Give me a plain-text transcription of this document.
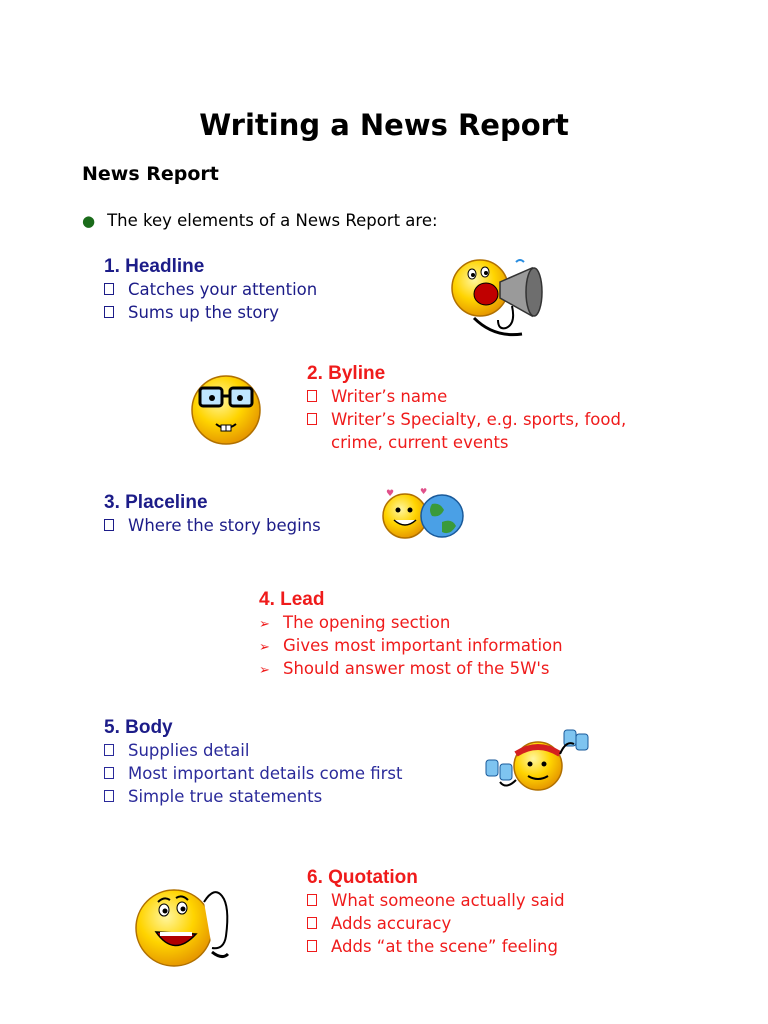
Writing a News Report
News Report
● The key elements of a News Report are:
1. Headline
Catches your attention
Sums up the story
2. Byline
Writer’s name
Writer’s Specialty, e.g. sports, food,
crime, current events
3. Placeline
Where the story begins
4. Lead
➢ The opening section
➢ Gives most important information
➢ Should answer most of the 5W's
5. Body
Supplies detail
Most important details come first
Simple true statements
6. Quotation
What someone actually said
Adds accuracy
Adds “at the scene” feeling
♥	♥
